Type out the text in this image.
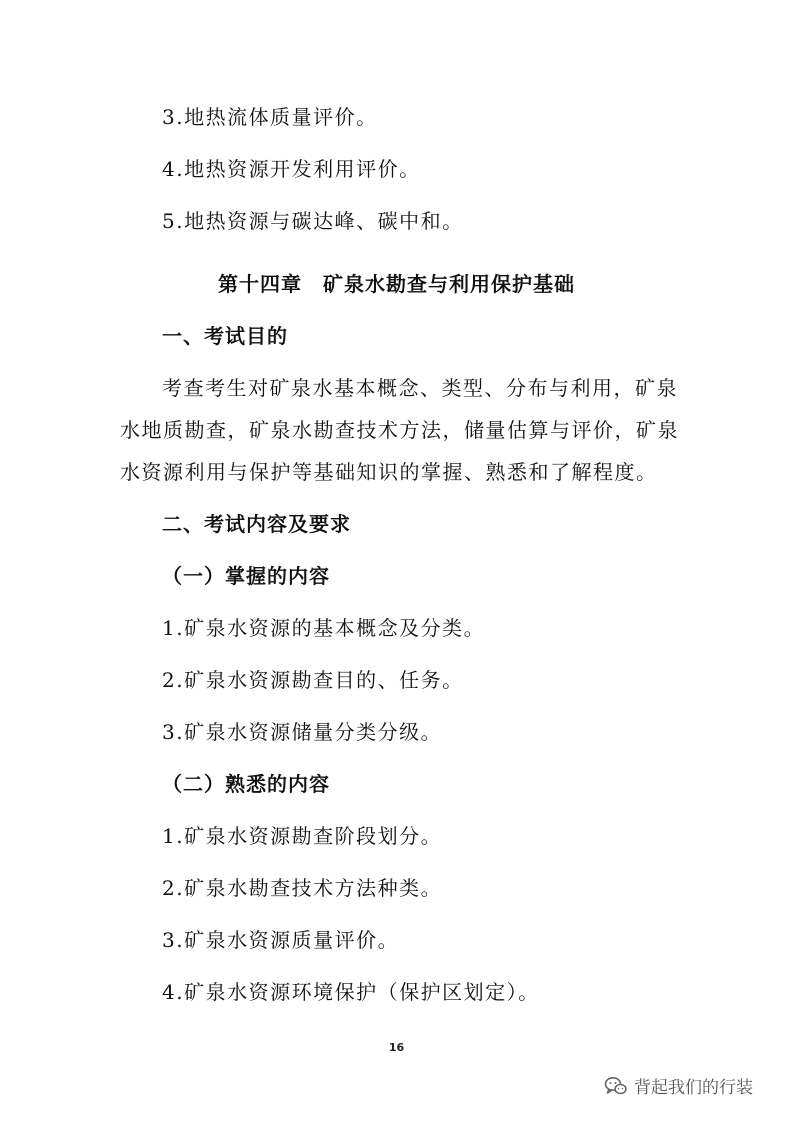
3.地热流体质量评价。
4.地热资源开发利用评价。
5.地热资源与碳达峰、碳中和。
第十四章　矿泉水勘查与利用保护基础
一、考试目的
考查考生对矿泉水基本概念、类型、分布与利用，矿泉
水地质勘查，矿泉水勘查技术方法，储量估算与评价，矿泉
水资源利用与保护等基础知识的掌握、熟悉和了解程度。
二、考试内容及要求
（一）掌握的内容
1.矿泉水资源的基本概念及分类。
2.矿泉水资源勘查目的、任务。
3.矿泉水资源储量分类分级。
（二）熟悉的内容
1.矿泉水资源勘查阶段划分。
2.矿泉水勘查技术方法种类。
3.矿泉水资源质量评价。
4.矿泉水资源环境保护（保护区划定）。
16
背起我们的行装
